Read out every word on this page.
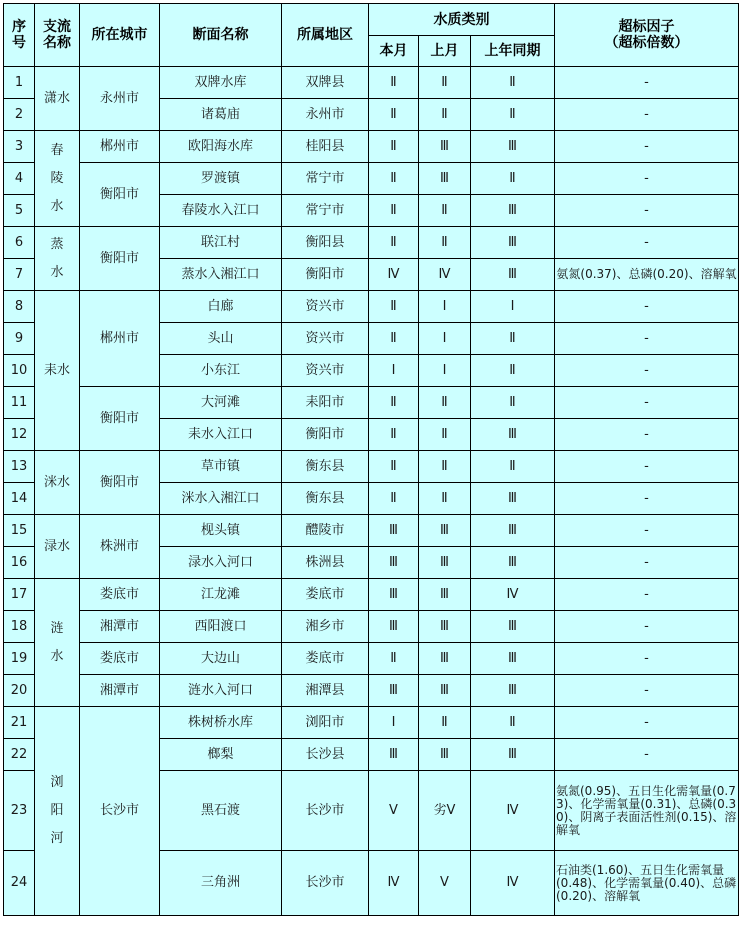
序
号	支流
名称	所在城市	断面名称	所属地区	水质类别			超标因子
（超标倍数）
					本月	上月	上年同期	
1	潇水	永州市	双牌水库	双牌县	Ⅱ	Ⅱ	Ⅱ	-
2			诸葛庙	永州市	Ⅱ	Ⅱ	Ⅱ	-
3	春
陵
水	郴州市	欧阳海水库	桂阳县	Ⅱ	Ⅲ	Ⅲ	-
4		衡阳市	罗渡镇	常宁市	Ⅱ	Ⅲ	Ⅱ	-
5			春陵水入江口	常宁市	Ⅱ	Ⅱ	Ⅲ	-
6	蒸
水	衡阳市	联江村	衡阳县	Ⅱ	Ⅱ	Ⅲ	-
7			蒸水入湘江口	衡阳市	Ⅳ	Ⅳ	Ⅲ	氨氮(0.37)、总磷(0.20)、溶解氧
8	耒水	郴州市	白廊	资兴市	Ⅱ	Ⅰ	Ⅰ	-
9			头山	资兴市	Ⅱ	Ⅰ	Ⅱ	-
10			小东江	资兴市	Ⅰ	Ⅰ	Ⅱ	-
11		衡阳市	大河滩	耒阳市	Ⅱ	Ⅱ	Ⅱ	-
12			耒水入江口	衡阳市	Ⅱ	Ⅱ	Ⅲ	-
13	洣水	衡阳市	草市镇	衡东县	Ⅱ	Ⅱ	Ⅱ	-
14			洣水入湘江口	衡东县	Ⅱ	Ⅱ	Ⅲ	-
15	渌水	株洲市	枧头镇	醴陵市	Ⅲ	Ⅲ	Ⅲ	-
16			渌水入河口	株洲县	Ⅲ	Ⅲ	Ⅲ	-
17	涟
水	娄底市	江龙滩	娄底市	Ⅲ	Ⅲ	Ⅳ	-
18		湘潭市	西阳渡口	湘乡市	Ⅲ	Ⅲ	Ⅲ	-
19		娄底市	大边山	娄底市	Ⅱ	Ⅲ	Ⅲ	-
20		湘潭市	涟水入河口	湘潭县	Ⅲ	Ⅲ	Ⅲ	-
21	浏
阳
河	长沙市	株树桥水库	浏阳市	Ⅰ	Ⅱ	Ⅱ	-
22			榔梨	长沙县	Ⅲ	Ⅲ	Ⅲ	-
23			黑石渡	长沙市	Ⅴ	劣Ⅴ	Ⅳ	氨氮(0.95)、五日生化需氧量(0.73)、化学需氧量(0.31)、总磷(0.30)、阴离子表面活性剂(0.15)、溶解氧
24			三角洲	长沙市	Ⅳ	Ⅴ	Ⅳ	石油类(1.60)、五日生化需氧量(0.48)、化学需氧量(0.40)、总磷(0.20)、溶解氧
